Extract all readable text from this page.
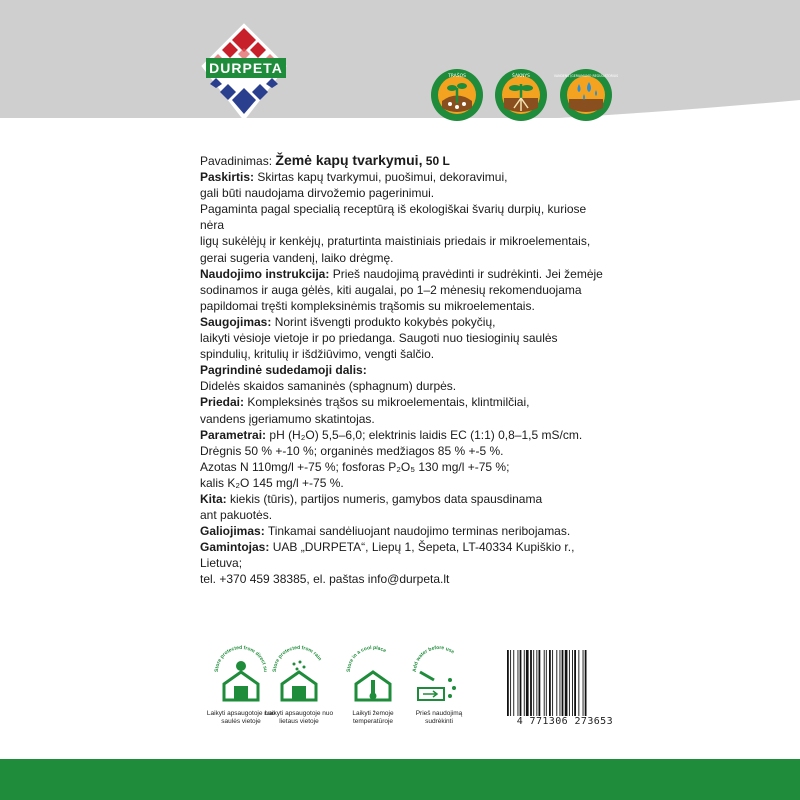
DURPETA
TRAŠOS	ŠAKNYS	VANDENS ĮGERIAMUMO REGULIATORIUS

Pavadinimas: Žemė kapų tvarkymui, 50 L

Paskirtis: Skirtas kapų tvarkymui, puošimui, dekoravimui,

gali būti naudojama dirvožemio pagerinimui.

Pagaminta pagal specialią receptūrą iš ekologiškai švarių durpių, kuriose nėra

ligų sukėlėjų ir kenkėjų, praturtinta maistiniais priedais ir mikroelementais,

gerai sugeria vandenį, laiko drėgmę.

Naudojimo instrukcija: Prieš naudojimą pravėdinti ir sudrėkinti. Jei žemėje

sodinamos ir auga gėlės, kiti augalai, po 1–2 mėnesių rekomenduojama

papildomai tręšti kompleksinėmis trąšomis su mikroelementais.

Saugojimas: Norint išvengti produkto kokybės pokyčių,

laikyti vėsioje vietoje ir po priedanga. Saugoti nuo tiesioginių saulės

spindulių, kritulių ir išdžiūvimo, vengti šalčio.

Pagrindinė sudedamoji dalis:

Didelės skaidos samaninės (sphagnum) durpės.

Priedai: Kompleksinės trąšos su mikroelementais, klintmilčiai,

vandens įgeriamumo skatintojas.

Parametrai: pH (H₂O) 5,5–6,0; elektrinis laidis EC (1:1) 0,8–1,5 mS/cm.

Drėgnis 50 % +-10 %; organinės medžiagos 85 % +-5 %.

Azotas N 110mg/l +-75 %; fosforas P₂O₅ 130 mg/l +-75 %;

kalis K₂O 145 mg/l +-75 %.

Kita: kiekis (tūris), partijos numeris, gamybos data spausdinama

ant pakuotės.

Galiojimas: Tinkamai sandėliuojant naudojimo terminas neribojamas.

Gamintojas: UAB „DURPETA“, Liepų 1, Šepeta, LT-40334 Kupiškio r., Lietuva;

tel. +370 459 38385, el. paštas info@durpeta.lt

Store protected from direct su
Laikyti apsaugotoje nuo saulės vietoje
Store protected from rain
Laikyti apsaugotoje nuo lietaus vietoje
Store in a cool place
Laikyti žemoje temperatūroje
Add water before use
Prieš naudojimą sudrėkinti	4 771306 273653
